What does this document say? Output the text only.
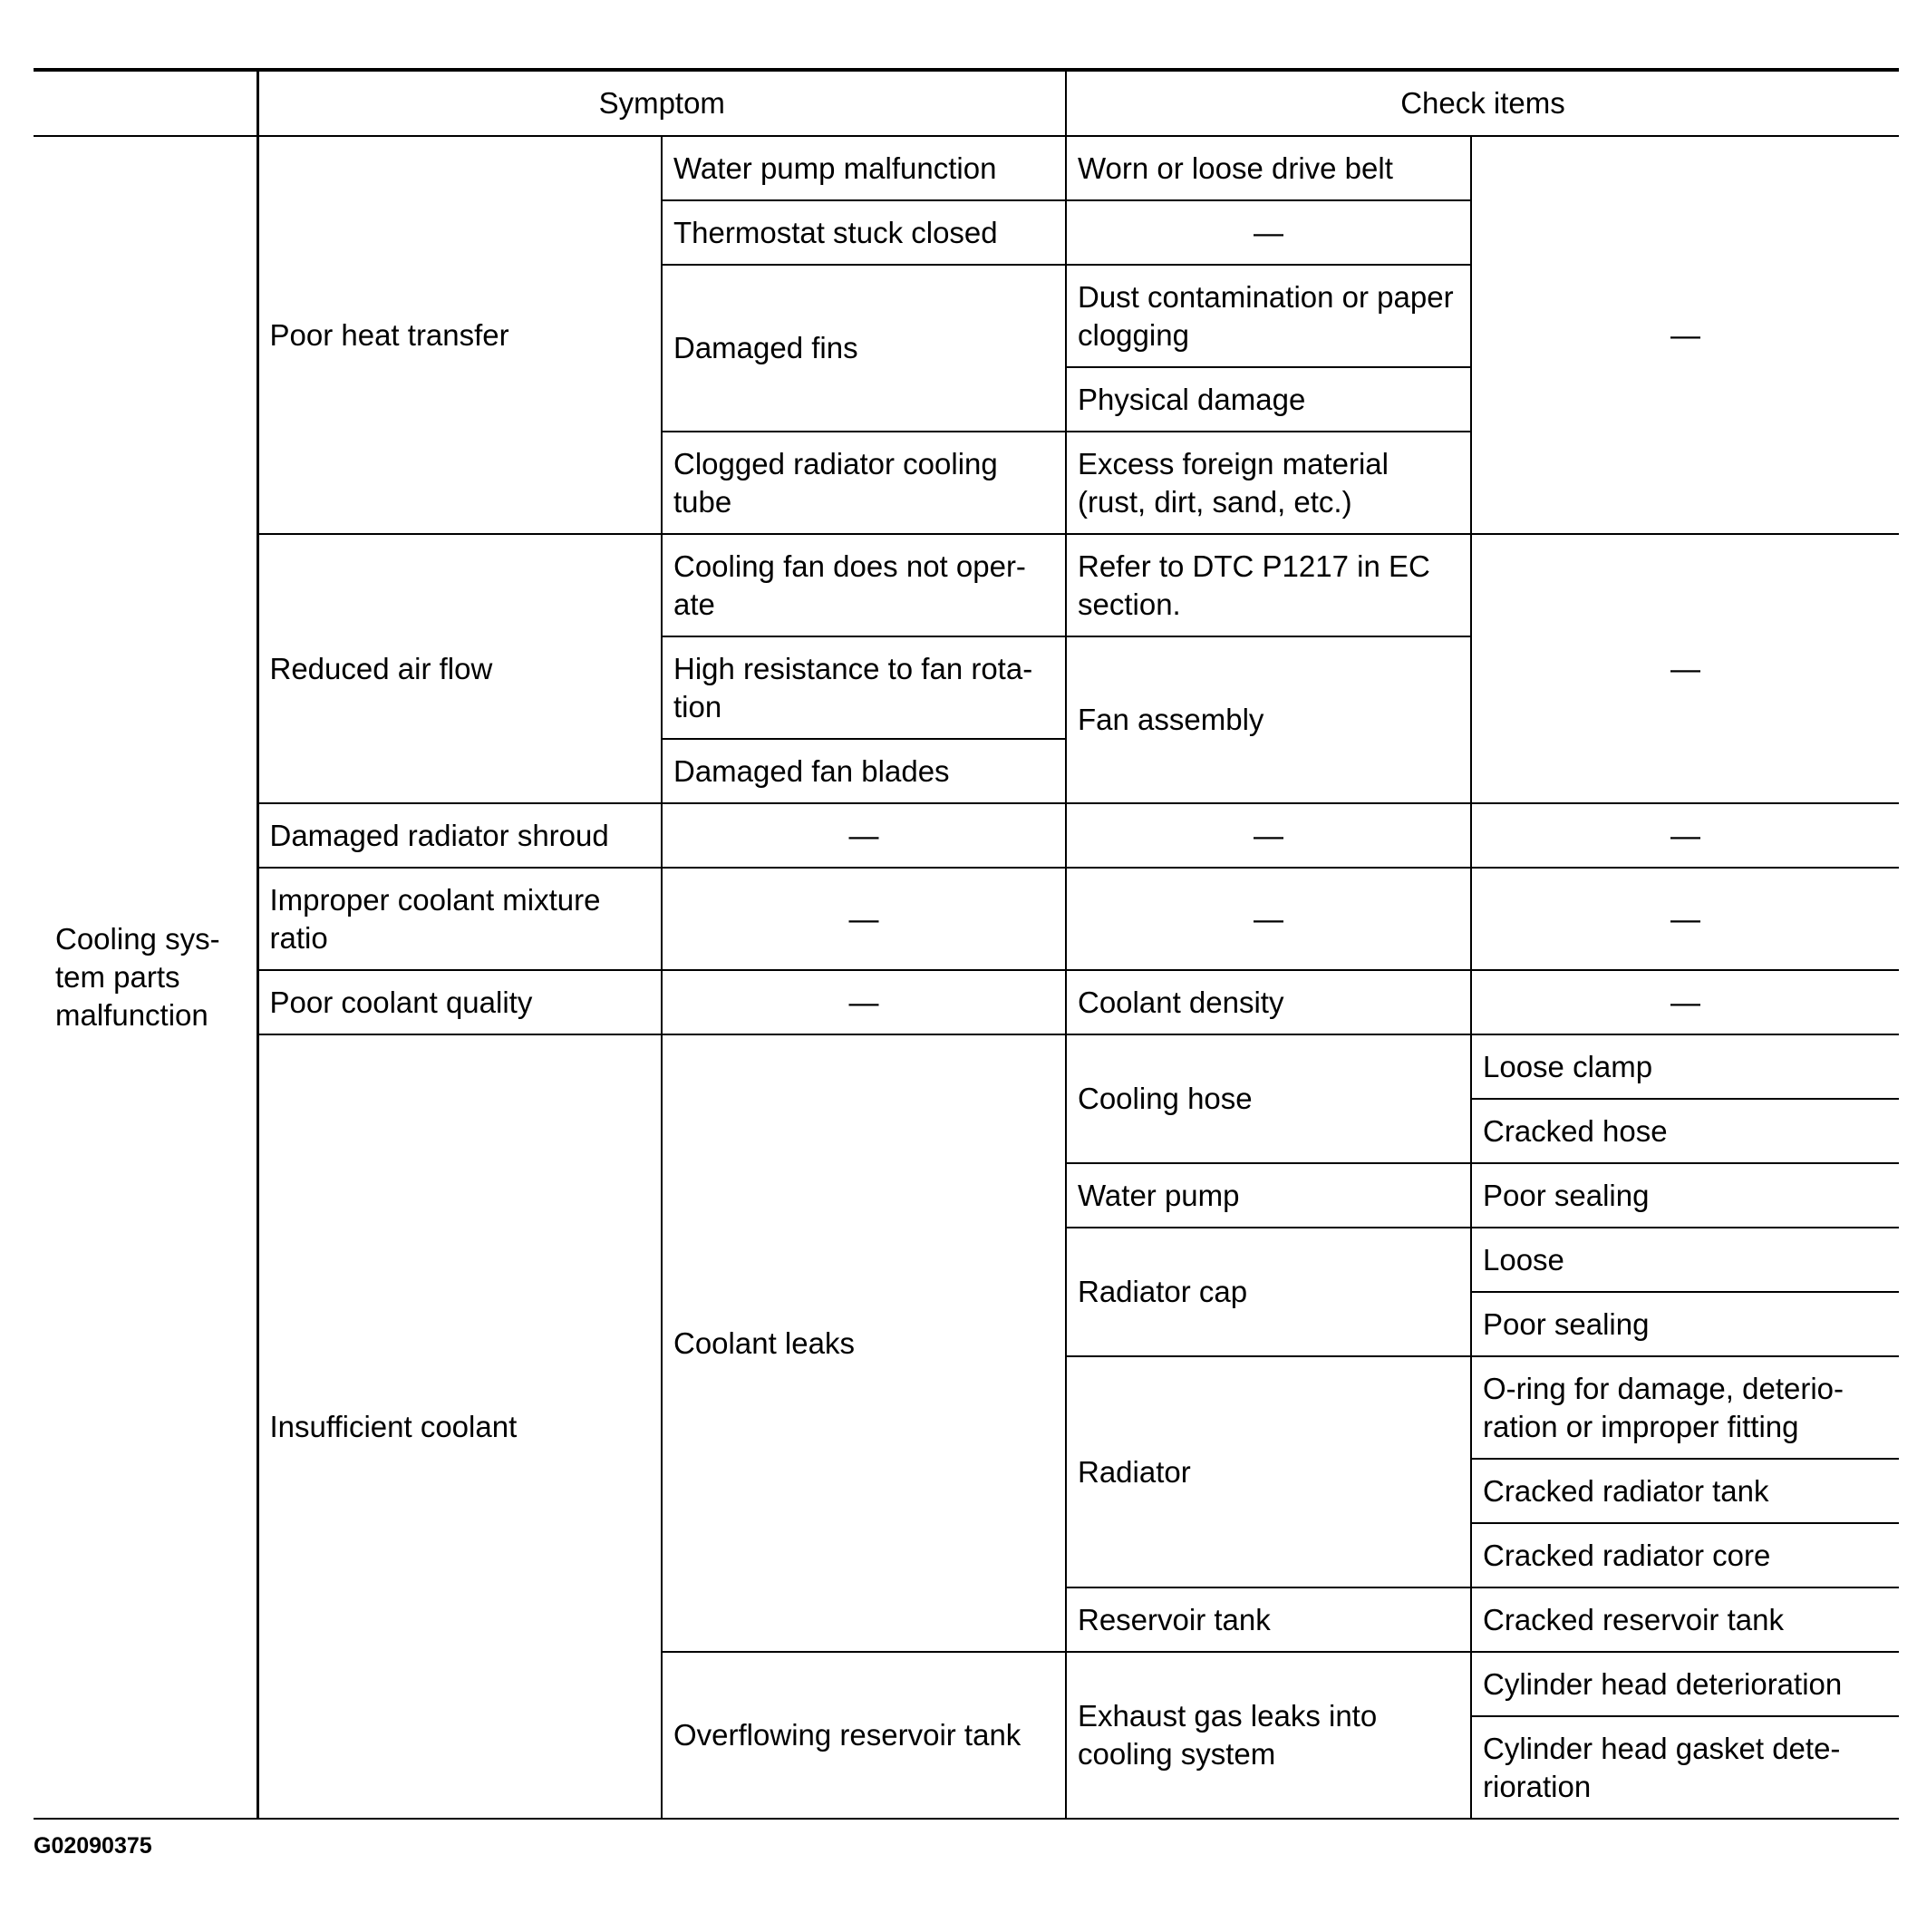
	Symptom		Check items	
Cooling sys-
tem parts
malfunction	Poor heat transfer	Water pump malfunction	Worn or loose drive belt	—
		Thermostat stuck closed	—	
		Damaged fins	Dust contamination or paper clogging	
			Physical damage	
		Clogged radiator cooling tube	Excess foreign material (rust, dirt, sand, etc.)	
	Reduced air flow	Cooling fan does not oper-ate	Refer to DTC P1217 in EC section.	—
		High resistance to fan rota-tion	Fan assembly	
		Damaged fan blades		
	Damaged radiator shroud	—	—	—
	Improper coolant mixture ratio	—	—	—
	Poor coolant quality	—	Coolant density	—
	Insufficient coolant	Coolant leaks	Cooling hose	Loose clamp
				Cracked hose
			Water pump	Poor sealing
			Radiator cap	Loose
				Poor sealing
			Radiator	O-ring for damage, deterio-ration or improper fitting
				Cracked radiator tank
				Cracked radiator core
			Reservoir tank	Cracked reservoir tank
		Overflowing reservoir tank	Exhaust gas leaks into cooling system	Cylinder head deterioration
				Cylinder head gasket dete-rioration
G02090375
